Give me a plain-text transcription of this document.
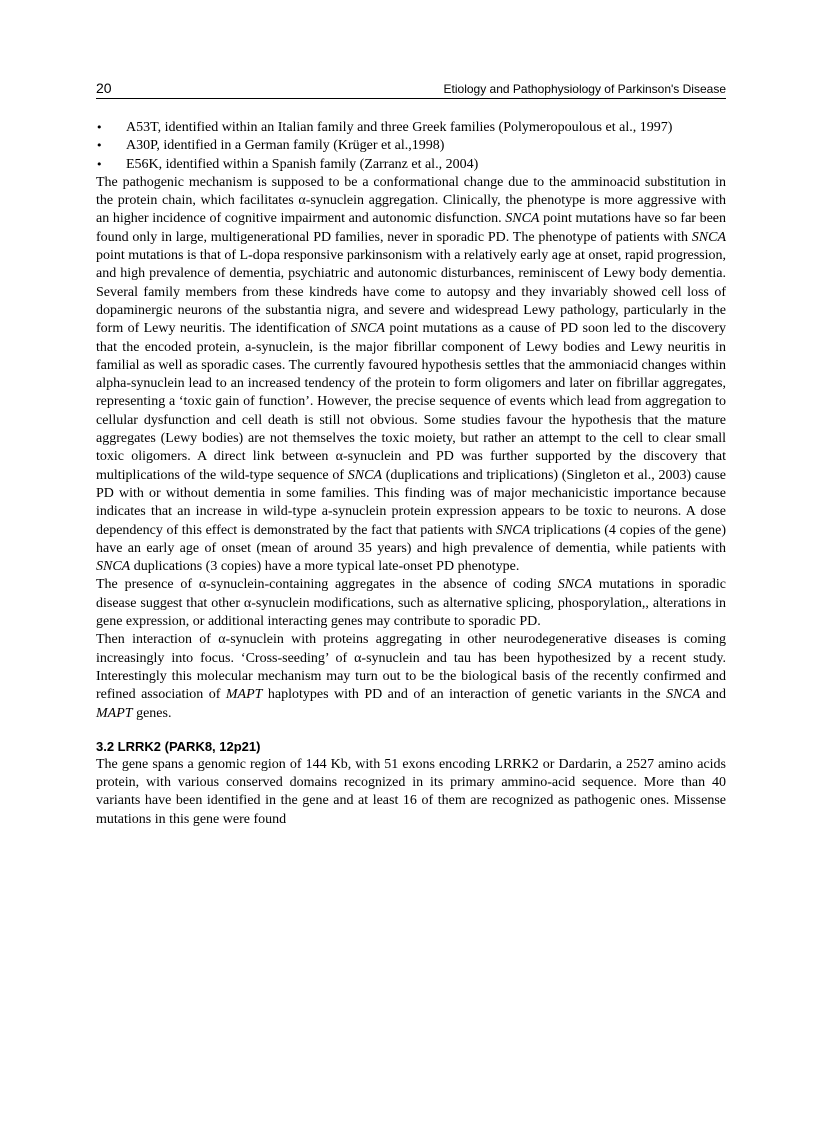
20	Etiology and Pathophysiology of Parkinson's Disease
•	A53T, identified within an Italian family and three Greek families (Polymeropoulous et al., 1997)
•	A30P, identified in a German family (Krüger et al.,1998)
•	E56K, identified within a Spanish family (Zarranz et al., 2004)

The pathogenic mechanism is supposed to be a conformational change due to the amminoacid substitution in the protein chain, which facilitates α-synuclein aggregation. Clinically, the phenotype is more aggressive with an higher incidence of cognitive impairment and autonomic disfunction. SNCA point mutations have so far been found only in large, multigenerational PD families, never in sporadic PD. The phenotype of patients with SNCA point mutations is that of L-dopa responsive parkinsonism with a relatively early age at onset, rapid progression, and high prevalence of dementia, psychiatric and autonomic disturbances, reminiscent of Lewy body dementia. Several family members from these kindreds have come to autopsy and they invariably showed cell loss of dopaminergic neurons of the substantia nigra, and severe and widespread Lewy pathology, particularly in the form of Lewy neuritis. The identification of SNCA point mutations as a cause of PD soon led to the discovery that the encoded protein, a-synuclein, is the major fibrillar component of Lewy bodies and Lewy neuritis in familial as well as sporadic cases. The currently favoured hypothesis settles that the ammoniacid changes within alpha-synuclein lead to an increased tendency of the protein to form oligomers and later on fibrillar aggregates, representing a ‘toxic gain of function’. However, the precise sequence of events which lead from aggregation to cellular dysfunction and cell death is still not obvious. Some studies favour the hypothesis that the mature aggregates (Lewy bodies) are not themselves the toxic moiety, but rather an attempt to the cell to clear small toxic oligomers. A direct link between α-synuclein and PD was further supported by the discovery that multiplications of the wild-type sequence of SNCA (duplications and triplications) (Singleton et al., 2003) cause PD with or without dementia in some families. This finding was of major mechanicistic importance because indicates that an increase in wild-type a-synuclein protein expression appears to be toxic to neurons. A dose dependency of this effect is demonstrated by the fact that patients with SNCA triplications (4 copies of the gene) have an early age of onset (mean of around 35 years) and high prevalence of dementia, while patients with SNCA duplications (3 copies) have a more typical late-onset PD phenotype.

The presence of α-synuclein-containing aggregates in the absence of coding SNCA mutations in sporadic disease suggest that other α-synuclein modifications, such as alternative splicing, phosporylation,, alterations in gene expression, or additional interacting genes may contribute to sporadic PD.

Then interaction of α-synuclein with proteins aggregating in other neurodegenerative diseases is coming increasingly into focus. ‘Cross-seeding’ of α-synuclein and tau has been hypothesized by a recent study. Interestingly this molecular mechanism may turn out to be the biological basis of the recently confirmed and refined association of MAPT haplotypes with PD and of an interaction of genetic variants in the SNCA and MAPT genes.

3.2 LRRK2 (PARK8, 12p21)

The gene spans a genomic region of 144 Kb, with 51 exons encoding LRRK2 or Dardarin, a 2527 amino acids protein, with various conserved domains recognized in its primary ammino-acid sequence. More than 40 variants have been identified in the gene and at least 16 of them are recognized as pathogenic ones. Missense mutations in this gene were found
